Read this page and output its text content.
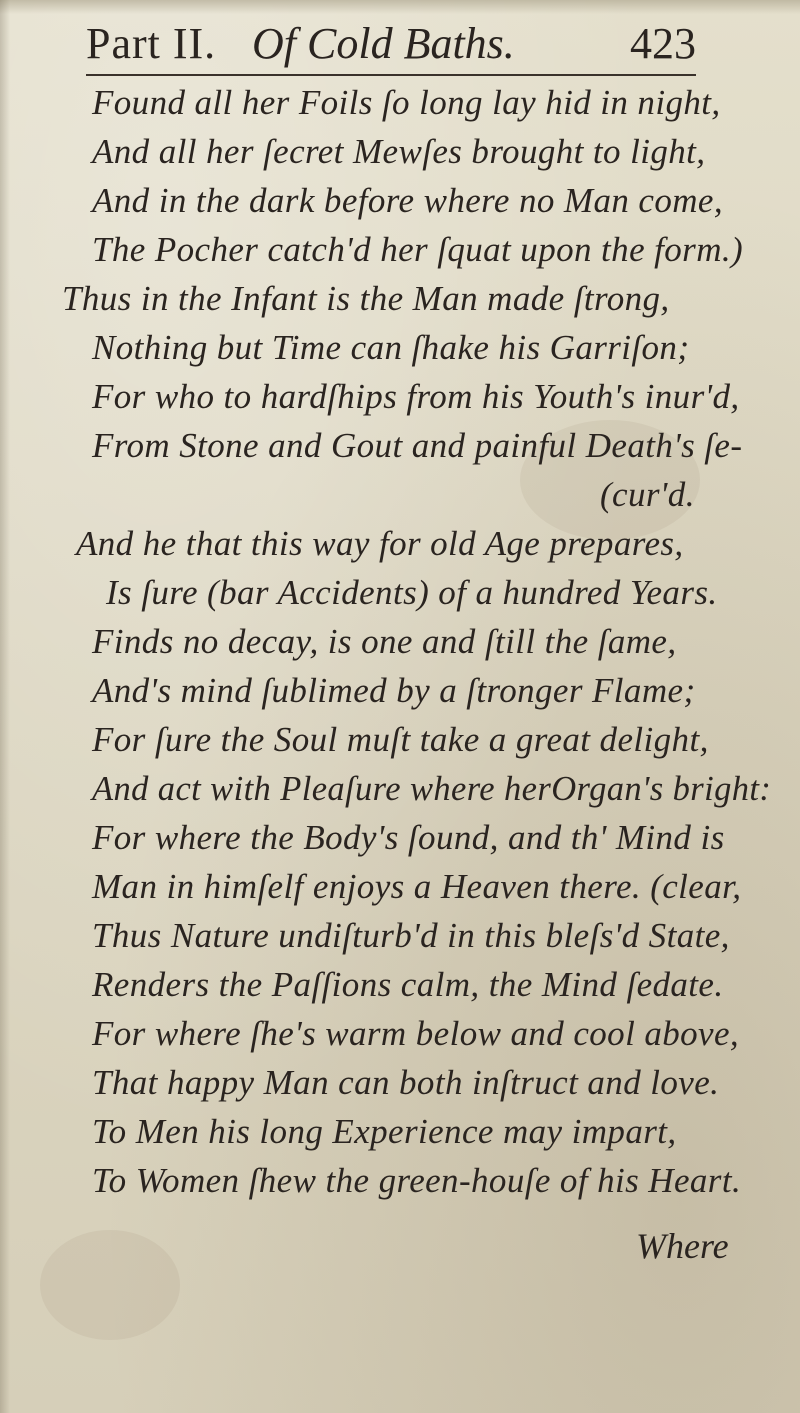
Part II. Of Cold Baths.	423
Found all her Foils ſo long lay hid in night,
And all her ſecret Mewſes brought to light,
And in the dark before where no Man come,
The Pocher catch'd her ſquat upon the form.)
Thus in the Infant is the Man made ſtrong,
Nothing but Time can ſhake his Garriſon;
For who to hardſhips from his Youth's inur'd,
From Stone and Gout and painful Death's ſe-
(cur'd.
And he that this way for old Age prepares,
Is ſure (bar Accidents) of a hundred Years.
Finds no decay, is one and ſtill the ſame,
And's mind ſublimed by a ſtronger Flame;
For ſure the Soul muſt take a great delight,
And act with Pleaſure where herOrgan's bright:
For where the Body's ſound, and th' Mind is
Man in himſelf enjoys a Heaven there. (clear,
Thus Nature undiſturb'd in this bleſs'd State,
Renders the Paſſions calm, the Mind ſedate.
For where ſhe's warm below and cool above,
That happy Man can both inſtruct and love.
To Men his long Experience may impart,
To Women ſhew the green-houſe of his Heart.
Where
